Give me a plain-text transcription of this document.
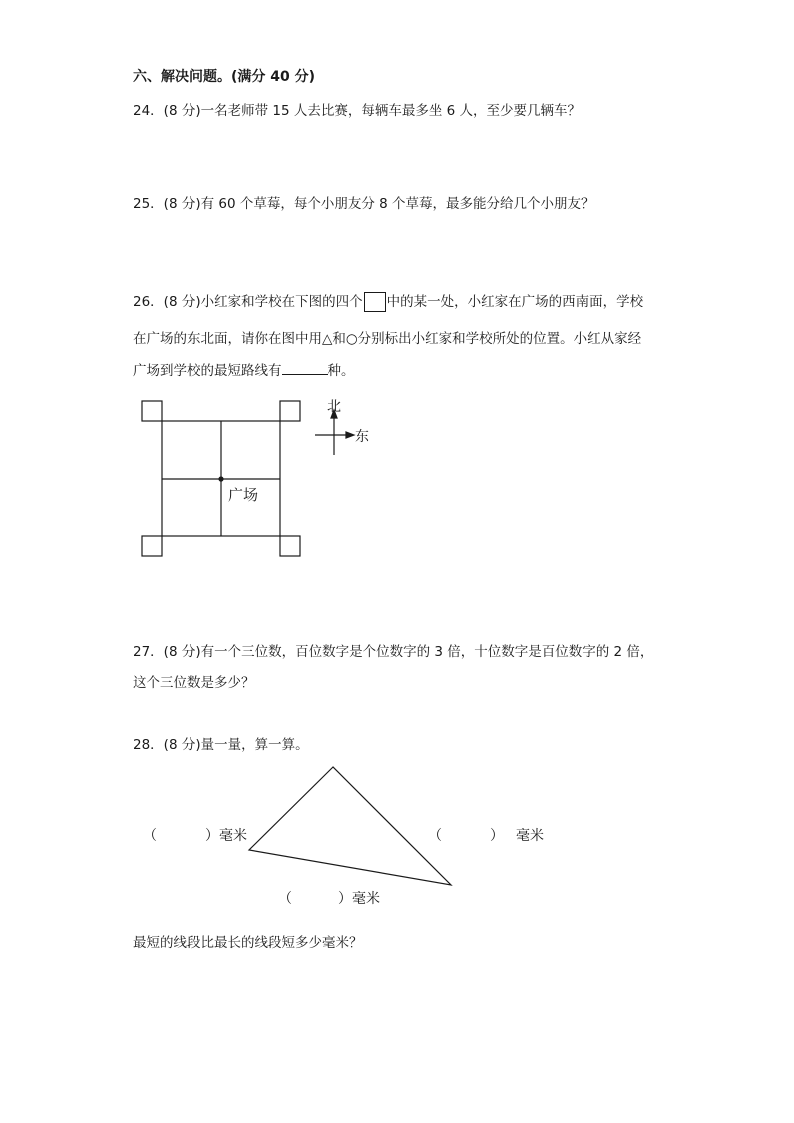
六、解决问题。(满分 40 分)
24．(8 分)一名老师带 15 人去比赛，每辆车最多坐 6 人，至少要几辆车？
25．(8 分)有 60 个草莓，每个小朋友分 8 个草莓，最多能分给几个小朋友？
26．(8 分)小红家和学校在下图的四个 中的某一处，小红家在广场的西南面，学校
在广场的东北面，请你在图中用△和○分别标出小红家和学校所处的位置。小红从家经
广场到学校的最短路线有	种。
广场
北
东
27．(8 分)有一个三位数，百位数字是个位数字的 3 倍，十位数字是百位数字的 2 倍，
这个三位数是多少？
28．(8 分)量一量，算一算。
（	）毫米	（	） 毫米
（	）毫米
最短的线段比最长的线段短多少毫米？
